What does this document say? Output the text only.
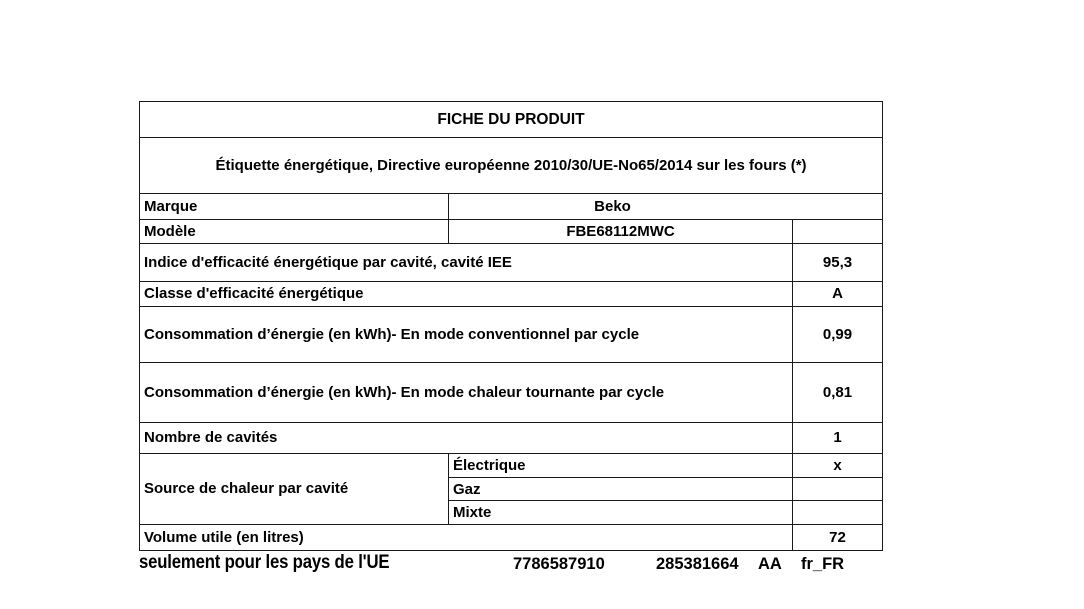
FICHE DU PRODUIT		
Étiquette énergétique, Directive européenne 2010/30/UE-No65/2014 sur les fours (*)		
Marque	Beko	
Modèle	FBE68112MWC	
Indice d'efficacité énergétique par cavité, cavité IEE		95,3
Classe d'efficacité énergétique		A
Consommation d’énergie (en kWh)- En mode conventionnel par cycle		0,99
Consommation d’énergie (en kWh)- En mode chaleur tournante par cycle		0,81
Nombre de cavités		1
Source de chaleur par cavité	Électrique	x
	Gaz	
	Mixte	
Volume utile (en litres)		72
seulement pour les pays de l'UE	7786587910	285381664 AA fr_FR
